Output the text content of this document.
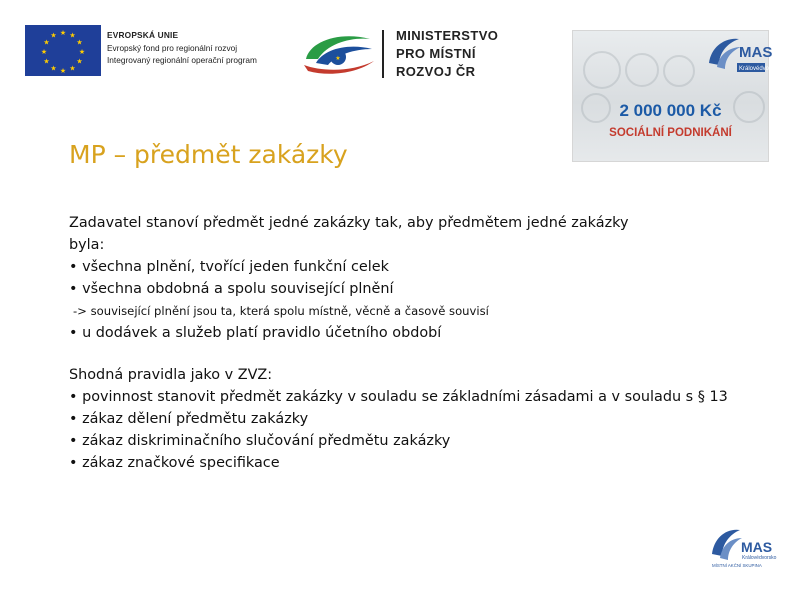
★ ★
★
★
★
★
★
★
★
★
★
★	EVROPSKÁ UNIE
Evropský fond pro regionální rozvoj
Integrovaný regionální operační program	★
MINISTERSTVO
PRO MÍSTNÍ
ROZVOJ ČR
MAS
Královédvorsko
2 000 000 Kč
SOCIÁLNÍ PODNIKÁNÍ
MP – předmět zakázky
Zadavatel stanoví předmět jedné zakázky tak, aby předmětem jedné zakázky
byla:
• všechna plnění, tvořící jeden funkční celek
• všechna obdobná a spolu související plnění
-> související plnění jsou ta, která spolu místně, věcně a časově souvisí
• u dodávek a služeb platí pravidlo účetního období
Shodná pravidla jako v ZVZ:
• povinnost stanovit předmět zakázky v souladu se základními zásadami a v souladu s § 13
• zákaz dělení předmětu zakázky
• zákaz diskriminačního slučování předmětu zakázky
• zákaz značkové specifikace
MAS
Královédvorsko
MÍSTNÍ AKČNÍ SKUPINA
